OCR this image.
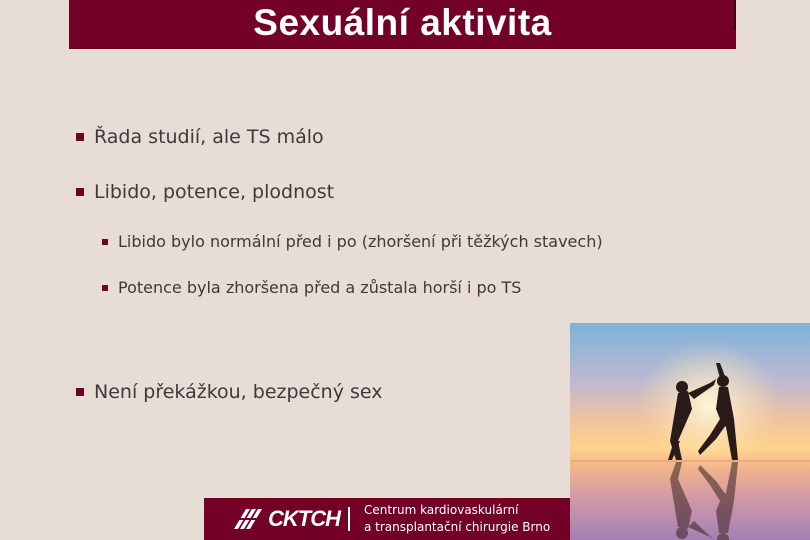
Sexuální aktivita
Řada studií, ale TS málo
Libido, potence, plodnost
Libido bylo normální před i po (zhoršení při těžkých stavech)
Potence byla zhoršena před a zůstala horší i po TS
Není překážkou, bezpečný sex
CKTCH Centrum kardiovaskulární
a transplantační chirurgie Brno
